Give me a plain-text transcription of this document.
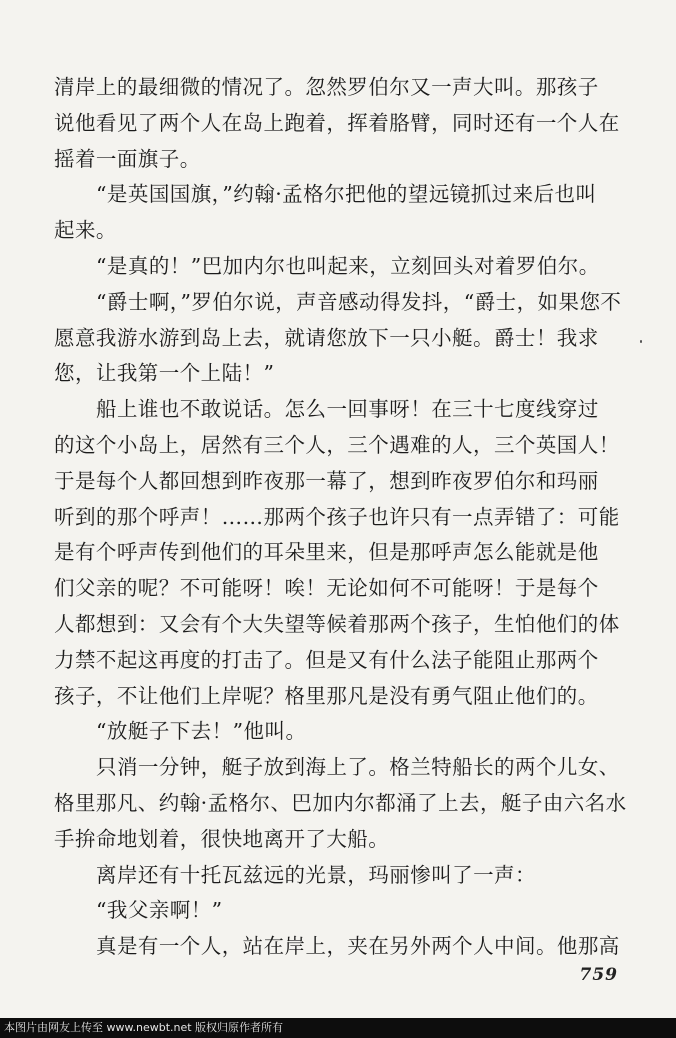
清岸上的最细微的情况了。忽然罗伯尔又一声大叫。那孩子
说他看见了两个人在岛上跑着，挥着胳臂，同时还有一个人在
摇着一面旗子。
“是英国国旗，”约翰·孟格尔把他的望远镜抓过来后也叫
起来。
“是真的！”巴加内尔也叫起来，立刻回头对着罗伯尔。
“爵士啊，”罗伯尔说，声音感动得发抖，“爵士，如果您不
愿意我游水游到岛上去，就请您放下一只小艇。爵士！我求
您，让我第一个上陆！”
船上谁也不敢说话。怎么一回事呀！在三十七度线穿过
的这个小岛上，居然有三个人，三个遇难的人，三个英国人！
于是每个人都回想到昨夜那一幕了，想到昨夜罗伯尔和玛丽
听到的那个呼声！……那两个孩子也许只有一点弄错了：可能
是有个呼声传到他们的耳朵里来，但是那呼声怎么能就是他
们父亲的呢？不可能呀！唉！无论如何不可能呀！于是每个
人都想到：又会有个大失望等候着那两个孩子，生怕他们的体
力禁不起这再度的打击了。但是又有什么法子能阻止那两个
孩子，不让他们上岸呢？格里那凡是没有勇气阻止他们的。
“放艇子下去！”他叫。
只消一分钟，艇子放到海上了。格兰特船长的两个儿女、
格里那凡、约翰·孟格尔、巴加内尔都涌了上去，艇子由六名水
手拚命地划着，很快地离开了大船。
离岸还有十托瓦兹远的光景，玛丽惨叫了一声：
“我父亲啊！”
真是有一个人，站在岸上，夹在另外两个人中间。他那高
759
本图片由网友上传至 www.newbt.net 版权归原作者所有
